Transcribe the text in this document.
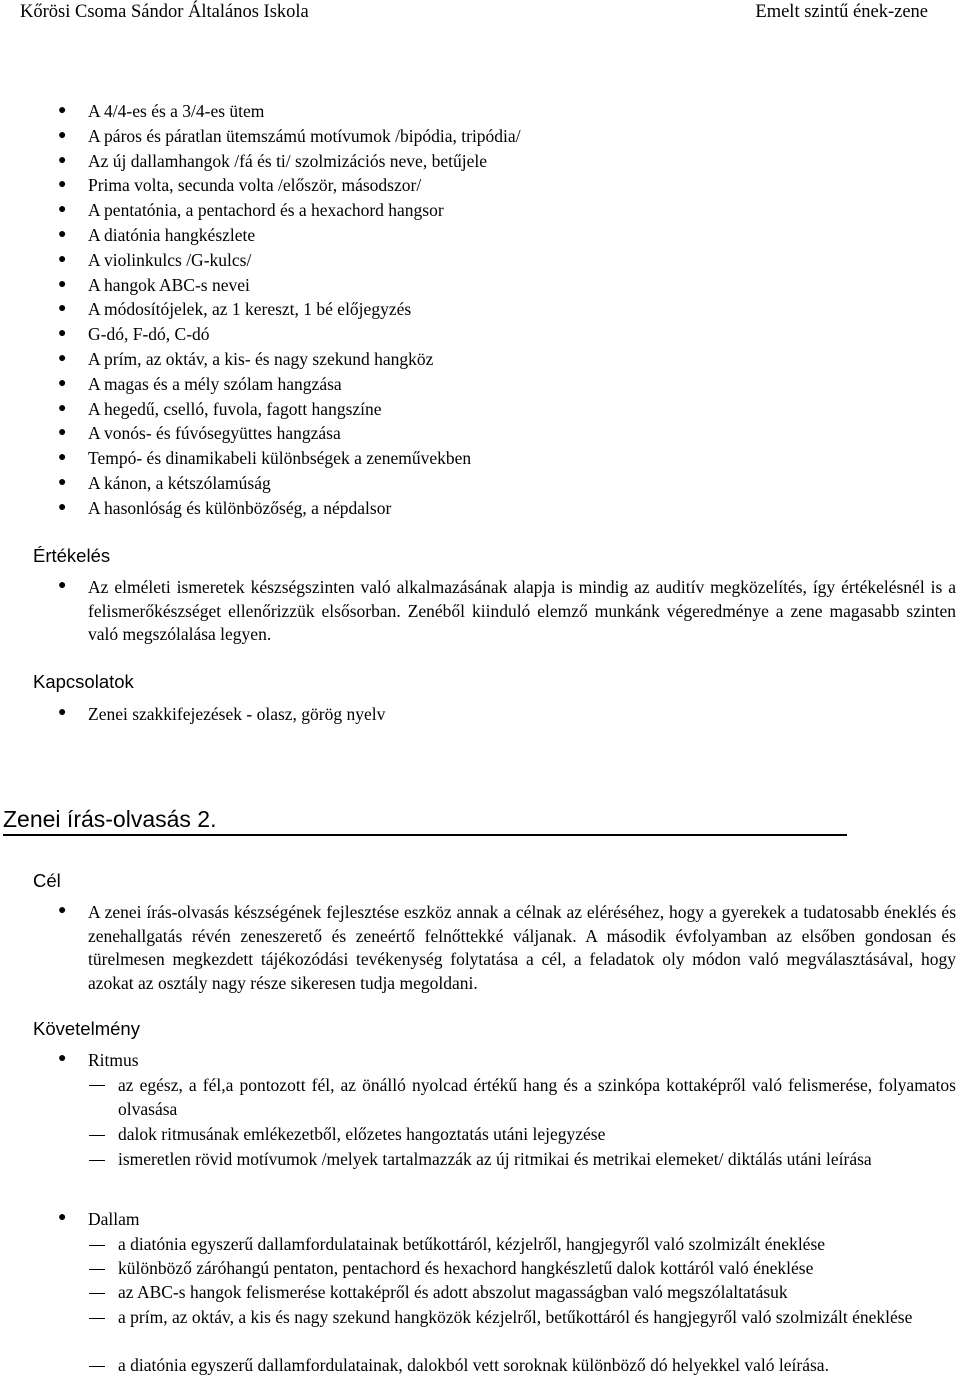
Kőrösi Csoma Sándor Általános Iskola	Emelt szintű ének-zene
● A 4/4-es és a 3/4-es ütem
● A páros és páratlan ütemszámú motívumok /bipódia, tripódia/
● Az új dallamhangok /fá és ti/ szolmizációs neve, betűjele
● Prima volta, secunda volta /először, másodszor/
● A pentatónia, a pentachord és a hexachord hangsor
● A diatónia hangkészlete
● A violinkulcs /G-kulcs/
● A hangok ABC-s nevei
● A módosítójelek, az 1 kereszt, 1 bé előjegyzés
● G-dó, F-dó, C-dó
● A prím, az oktáv, a kis- és nagy szekund hangköz
● A magas és a mély szólam hangzása
● A hegedű, cselló, fuvola, fagott hangszíne
● A vonós- és fúvósegyüttes hangzása
● Tempó- és dinamikabeli különbségek a zeneművekben
● A kánon, a kétszólamúság
● A hasonlóság és különbözőség, a népdalsor
Értékelés
● Az elméleti ismeretek készségszinten való alkalmazásának alapja is mindig az auditív megközelítés, így értékelésnél is a felismerőkészséget ellenőrizzük elsősorban. Zenéből kiinduló elemző munkánk végeredménye a zene magasabb szinten való megszólalása legyen.
Kapcsolatok
● Zenei szakkifejezések - olasz, görög nyelv
Zenei írás-olvasás 2.
Cél
● A zenei írás-olvasás készségének fejlesztése eszköz annak a célnak az eléréséhez, hogy a gyerekek a tudatosabb éneklés és zenehallgatás révén zeneszerető és zeneértő felnőttekké váljanak. A második évfolyamban az elsőben gondosan és türelmesen megkezdett tájékozódási tevékenység folytatása a cél, a feladatok oly módon való megválasztásával, hogy azokat az osztály nagy része sikeresen tudja megoldani.
Követelmény
● Ritmus
az egész, a fél,a pontozott fél, az önálló nyolcad értékű hang és a szinkópa kottaképről való felismerése, folyamatos olvasása
dalok ritmusának emlékezetből, előzetes hangoztatás utáni lejegyzése
ismeretlen rövid motívumok /melyek tartalmazzák az új ritmikai és metrikai elemeket/ diktálás utáni leírása
● Dallam
a diatónia egyszerű dallamfordulatainak betűkottáról, kézjelről, hangjegyről való szolmizált éneklése
különböző záróhangú pentaton, pentachord és hexachord hangkészletű dalok kottáról való éneklése
az ABC-s hangok felismerése kottaképről és adott abszolut magasságban való megszólaltatásuk
a prím, az oktáv, a kis és nagy szekund hangközök kézjelről, betűkottáról és hangjegyről való szolmizált éneklése
a diatónia egyszerű dallamfordulatainak, dalokból vett soroknak különböző dó helyekkel való leírása.
